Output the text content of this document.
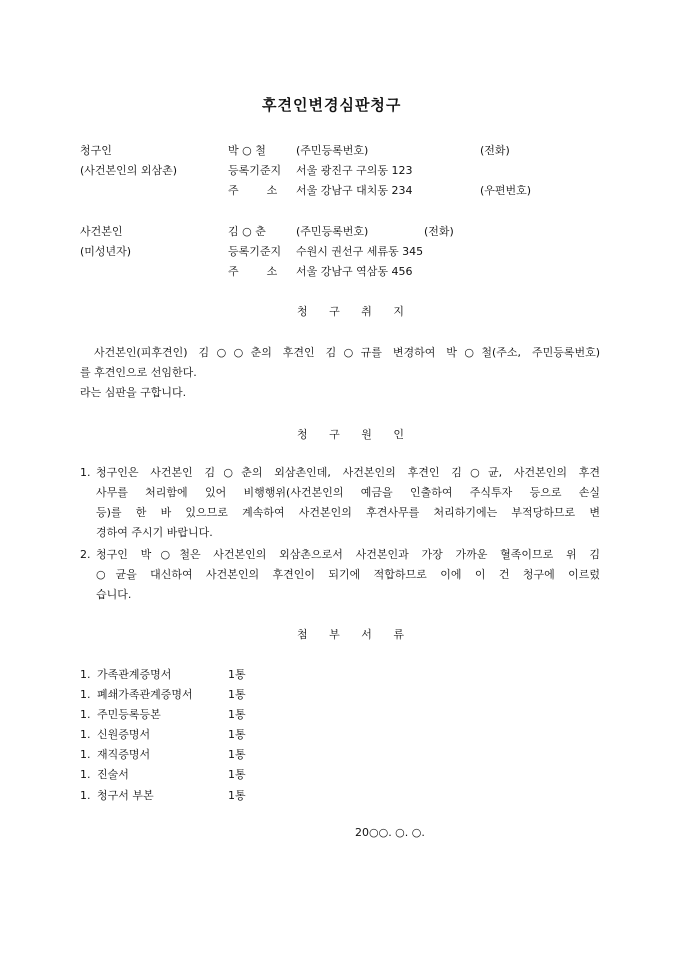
후견인변경심판청구
청구인	박 ○ 철	(주민등록번호)	(전화)
(사건본인의 외삼촌)	등록기준지 서울 광진구 구의동 123
주        소 서울 강남구 대치동 234	(우편번호)
사건본인	김 ○ 춘	(주민등록번호)	(전화)
(미성년자)	등록기준지 수원시 권선구 세류동 345
주        소 서울 강남구 역삼동 456
청 구 취 지
사건본인(피후견인) 김○○춘의 후견인 김○규를 변경하여 박○철(주소, 주민등록번호)
를 후견인으로 선임한다.
라는 심판을 구합니다.
청 구 원 인
1. 청구인은 사건본인 김○춘의 외삼촌인데, 사건본인의 후견인 김○균, 사건본인의 후견
사무를 처리함에 있어 비행행위(사건본인의 예금을 인출하여 주식투자 등으로 손실
등)를 한 바 있으므로 계속하여 사건본인의 후견사무를 처리하기에는 부적당하므로 변
경하여 주시기 바랍니다.
2. 청구인 박○철은 사건본인의 외삼촌으로서 사건본인과 가장 가까운 혈족이므로 위 김
○균을 대신하여 사건본인의 후견인이 되기에 적합하므로 이에 이 건 청구에 이르렀
습니다.
첨 부 서 류
1. 가족관계증명서	1통
1. 폐쇄가족관계증명서	1통
1. 주민등록등본	1통
1. 신원증명서	1통
1. 재직증명서	1통
1. 진술서	1통
1. 청구서 부본	1통
20○○. ○. ○.
